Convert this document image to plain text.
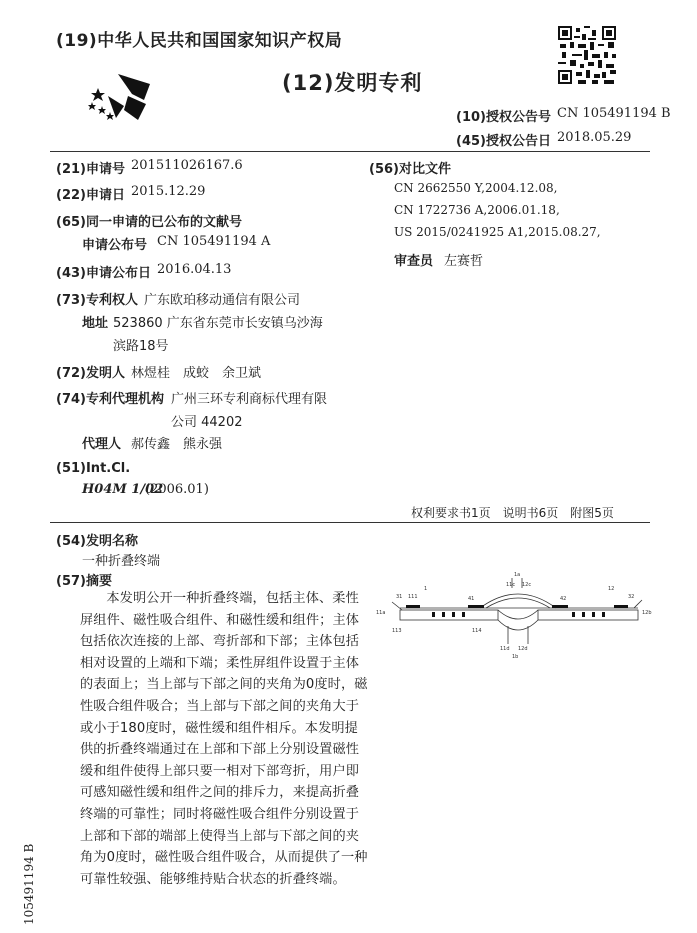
(19)中华人民共和国国家知识产权局
(12)发明专利
(10)授权公告号 CN 105491194 B
(45)授权公告日 2018.05.29
(21)申请号 201511026167.6
(22)申请日 2015.12.29
(65)同一申请的已公布的文献号
申请公布号 CN 105491194 A
(43)申请公布日 2016.04.13
(73)专利权人 广东欧珀移动通信有限公司
地址 523860 广东省东莞市长安镇乌沙海
滨路18号
(72)发明人 林煜桂　成蛟　余卫斌
(74)专利代理机构 广州三环专利商标代理有限
公司 44202
代理人 郝传鑫　熊永强
(51)Int.Cl.
H04M 1/02
(2006.01)
(56)对比文件
CN 2662550 Y,2004.12.08,
CN 1722736 A,2006.01.18,
US 2015/0241925 A1,2015.08.27,
审查员 左赛哲
权利要求书1页　说明书6页　附图5页
(54)发明名称
一种折叠终端
(57)摘要

本发明公开一种折叠终端，包括主体、柔性屏组件、磁性吸合组件、和磁性缓和组件；主体包括依次连接的上部、弯折部和下部；主体包括相对设置的上端和下端；柔性屏组件设置于主体的表面上；当上部与下部之间的夹角为0度时，磁性吸合组件吸合；当上部与下部之间的夹角大于或小于180度时，磁性缓和组件相斥。本发明提供的折叠终端通过在上部和下部上分别设置磁性缓和组件使得上部只要一相对下部弯折，用户即可感知磁性缓和组件之间的排斥力，来提高折叠终端的可靠性；同时将磁性吸合组件分别设置于上部和下部的端部上使得当上部与下部之间的夹角为0度时，磁性吸合组件吸合，从而提供了一种可靠性较强、能够维持贴合状态的折叠终端。

1a
1
11c 12c
41	42
12
31 111	32
11a	12b
113	114
11d 12d
1b
105491194 B
